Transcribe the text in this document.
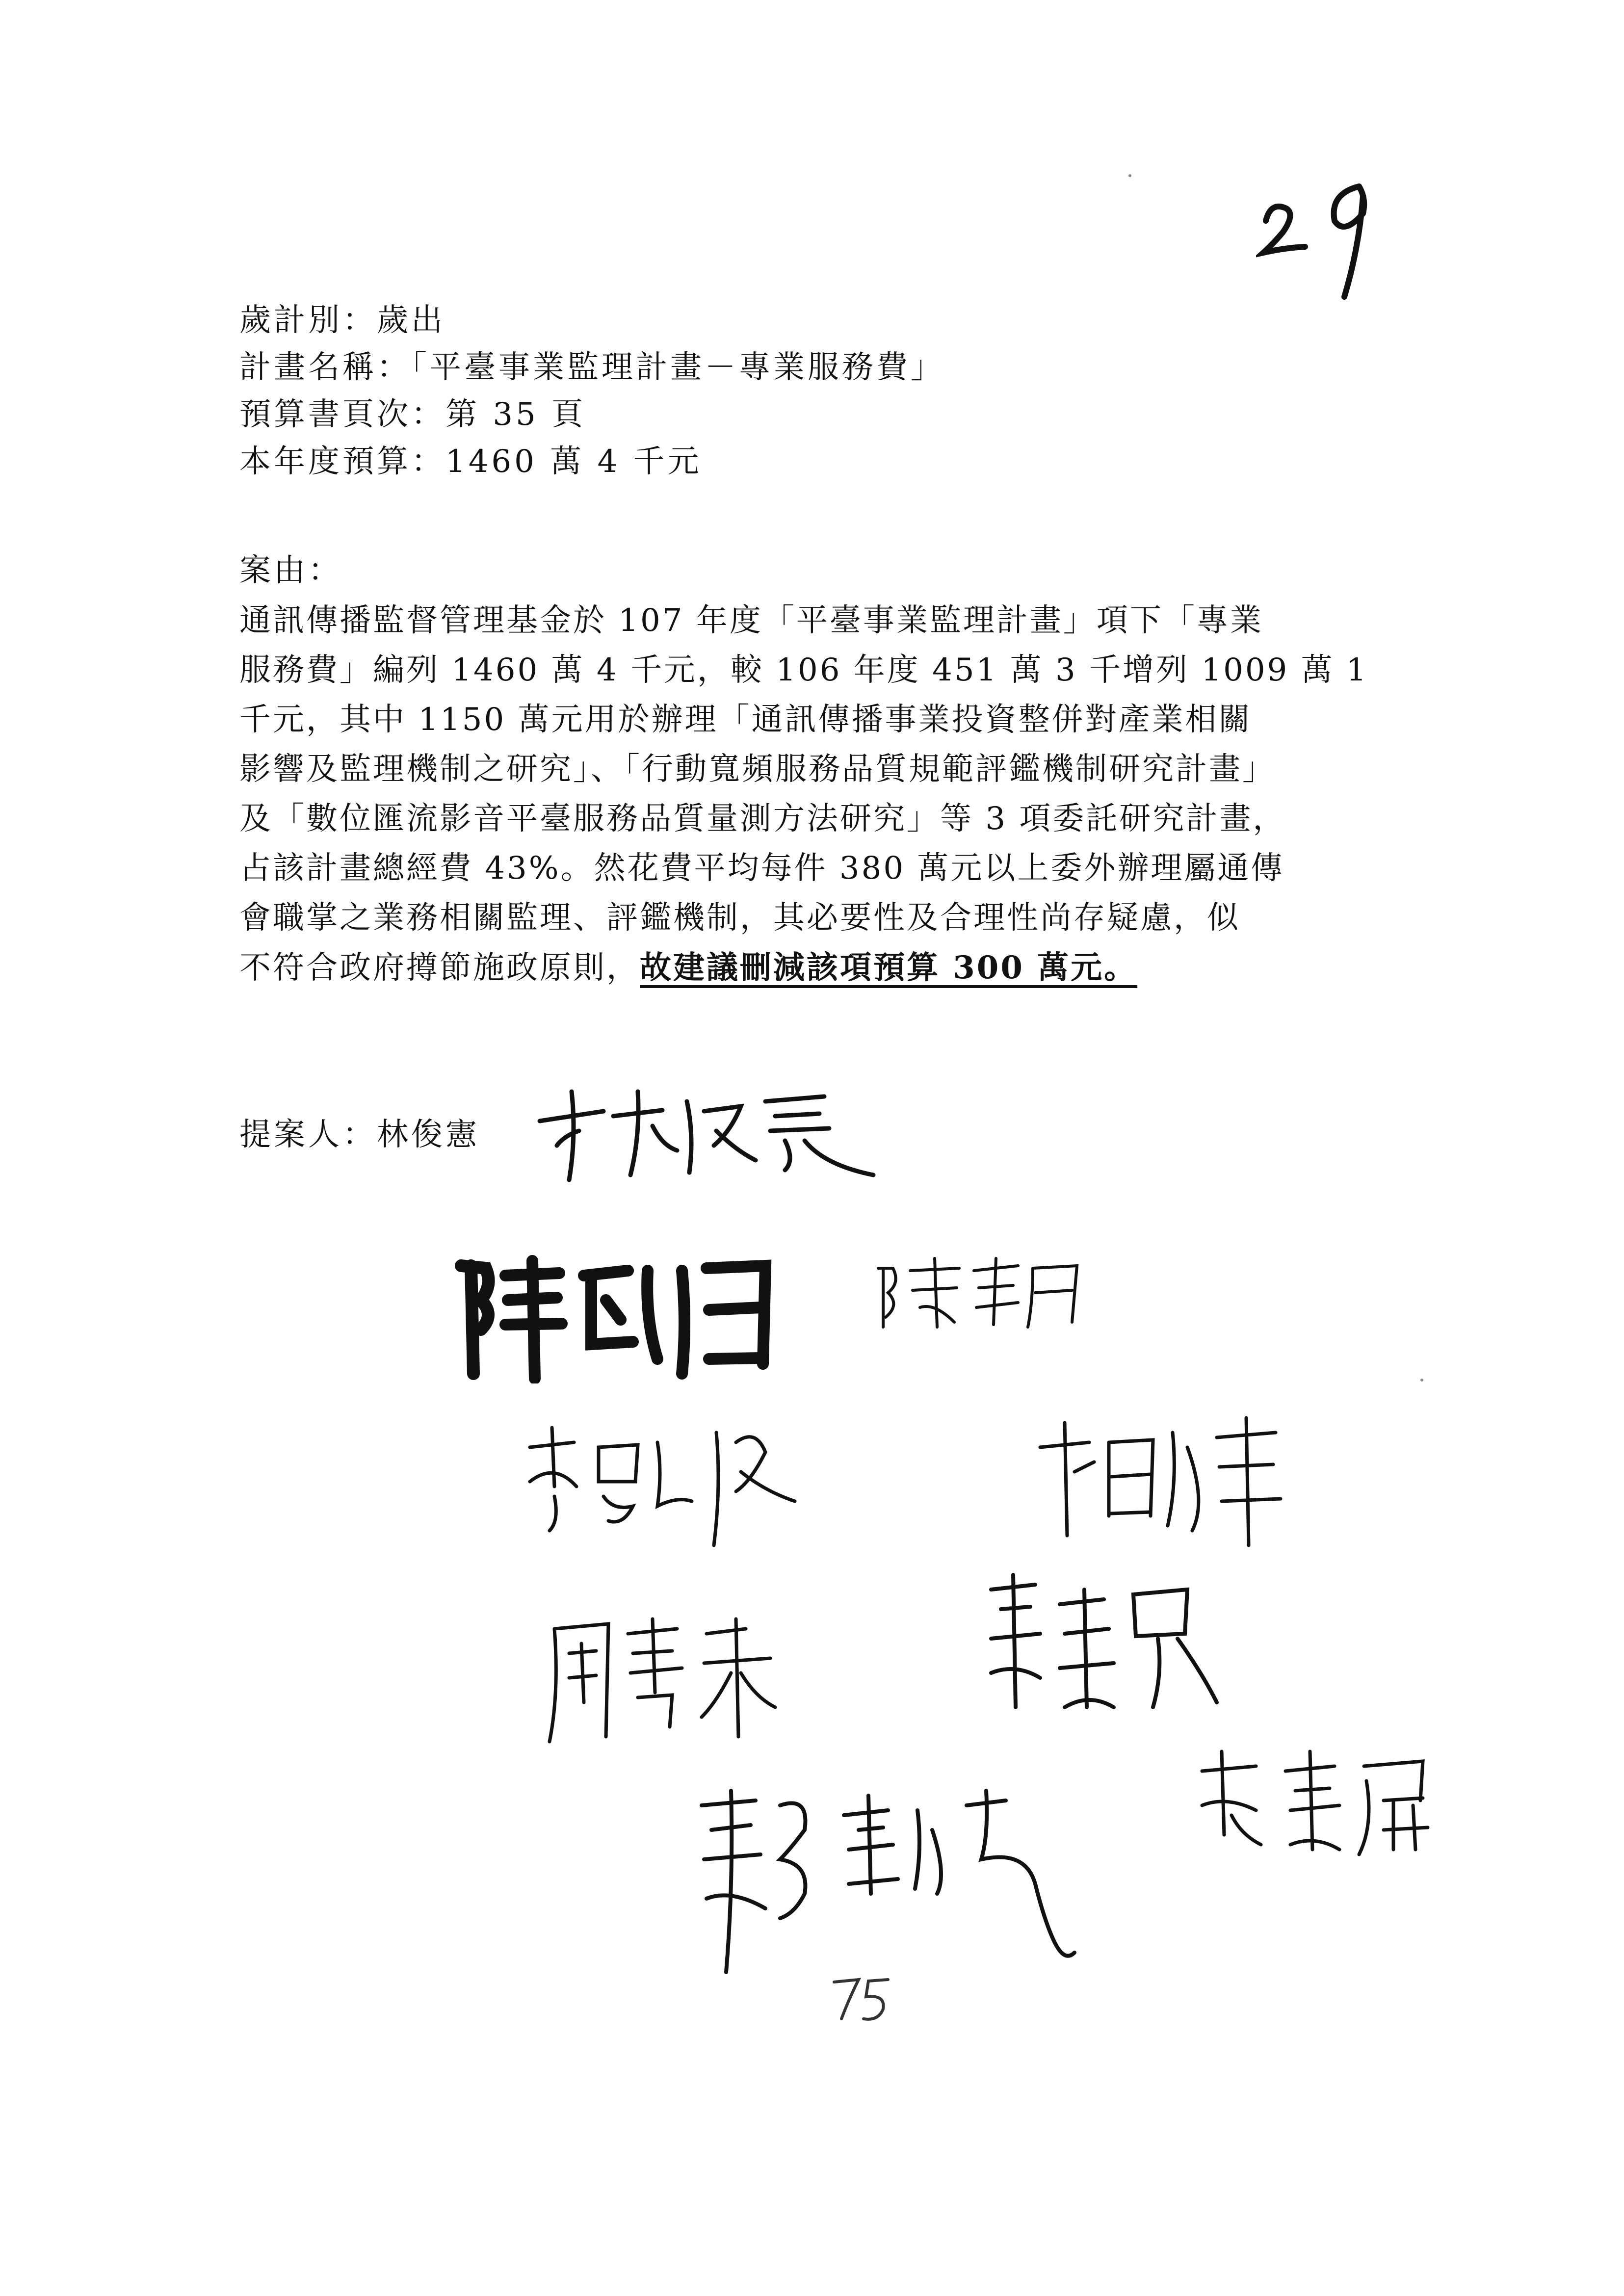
歲計別：歲出
計畫名稱：「平臺事業監理計畫－專業服務費」
預算書頁次：第 35 頁
本年度預算：1460 萬 4 千元
案由：
通訊傳播監督管理基金於 107 年度「平臺事業監理計畫」項下「專業
服務費」編列 1460 萬 4 千元，較 106 年度 451 萬 3 千增列 1009 萬 1
千元，其中 1150 萬元用於辦理「通訊傳播事業投資整併對產業相關
影響及監理機制之研究」、「行動寬頻服務品質規範評鑑機制研究計畫」
及「數位匯流影音平臺服務品質量測方法研究」等 3 項委託研究計畫，
占該計畫總經費 43%。然花費平均每件 380 萬元以上委外辦理屬通傳
會職掌之業務相關監理、評鑑機制，其必要性及合理性尚存疑慮，似
不符合政府撙節施政原則，故建議刪減該項預算 300 萬元。
提案人：林俊憲
